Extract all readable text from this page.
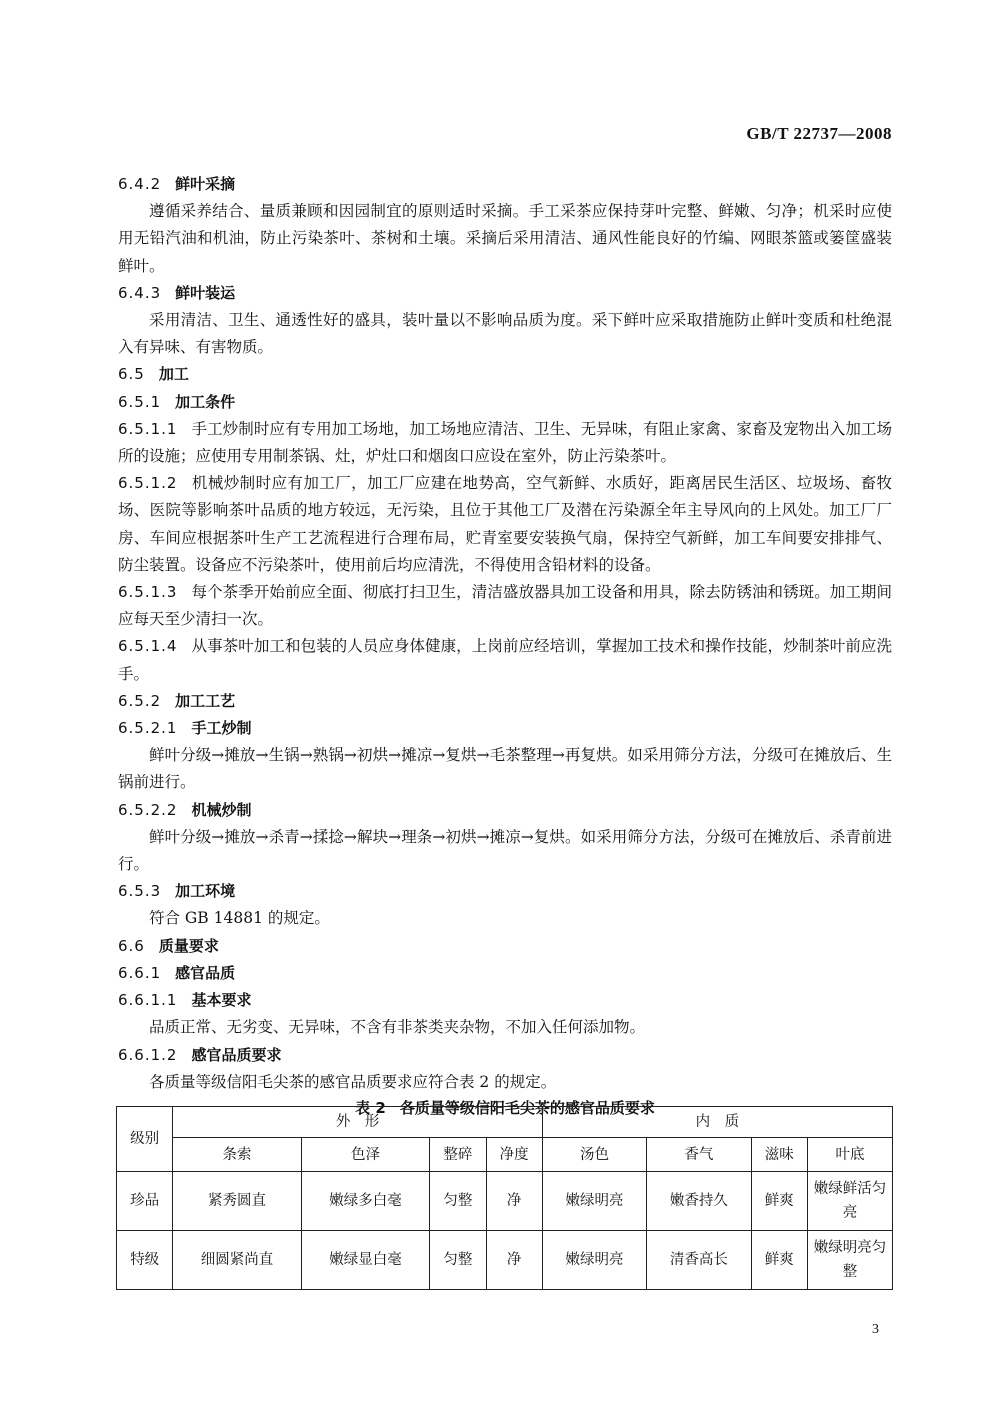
GB/T 22737—2008
6.4.2 鲜叶采摘
遵循采养结合、量质兼顾和因园制宜的原则适时采摘。手工采茶应保持芽叶完整、鲜嫩、匀净；机采时应使用无铅汽油和机油，防止污染茶叶、茶树和土壤。采摘后采用清洁、通风性能良好的竹编、网眼茶篮或篓筐盛装鲜叶。
6.4.3 鲜叶装运
采用清洁、卫生、通透性好的盛具，装叶量以不影响品质为度。采下鲜叶应采取措施防止鲜叶变质和杜绝混入有异味、有害物质。
6.5 加工
6.5.1 加工条件
6.5.1.1 手工炒制时应有专用加工场地，加工场地应清洁、卫生、无异味，有阻止家禽、家畜及宠物出入加工场所的设施；应使用专用制茶锅、灶，炉灶口和烟囱口应设在室外，防止污染茶叶。
6.5.1.2 机械炒制时应有加工厂，加工厂应建在地势高，空气新鲜、水质好，距离居民生活区、垃圾场、畜牧场、医院等影响茶叶品质的地方较远，无污染，且位于其他工厂及潜在污染源全年主导风向的上风处。加工厂厂房、车间应根据茶叶生产工艺流程进行合理布局，贮青室要安装换气扇，保持空气新鲜，加工车间要安排排气、防尘装置。设备应不污染茶叶，使用前后均应清洗，不得使用含铅材料的设备。
6.5.1.3 每个茶季开始前应全面、彻底打扫卫生，清洁盛放器具加工设备和用具，除去防锈油和锈斑。加工期间应每天至少清扫一次。
6.5.1.4 从事茶叶加工和包装的人员应身体健康，上岗前应经培训，掌握加工技术和操作技能，炒制茶叶前应洗手。
6.5.2 加工工艺
6.5.2.1 手工炒制
鲜叶分级→摊放→生锅→熟锅→初烘→摊凉→复烘→毛茶整理→再复烘。如采用筛分方法，分级可在摊放后、生锅前进行。
6.5.2.2 机械炒制
鲜叶分级→摊放→杀青→揉捻→解块→理条→初烘→摊凉→复烘。如采用筛分方法，分级可在摊放后、杀青前进行。
6.5.3 加工环境
符合 GB 14881 的规定。
6.6 质量要求
6.6.1 感官品质
6.6.1.1 基本要求
品质正常、无劣变、无异味，不含有非茶类夹杂物，不加入任何添加物。
6.6.1.2 感官品质要求
各质量等级信阳毛尖茶的感官品质要求应符合表 2 的规定。
表 2 各质量等级信阳毛尖茶的感官品质要求
级别	外　形				内　质			
	条索	色泽	整碎	净度	汤色	香气	滋味	叶底
珍品	紧秀圆直	嫩绿多白毫	匀整	净	嫩绿明亮	嫩香持久	鲜爽	嫩绿鲜活匀亮
特级	细圆紧尚直	嫩绿显白毫	匀整	净	嫩绿明亮	清香高长	鲜爽	嫩绿明亮匀整
3
